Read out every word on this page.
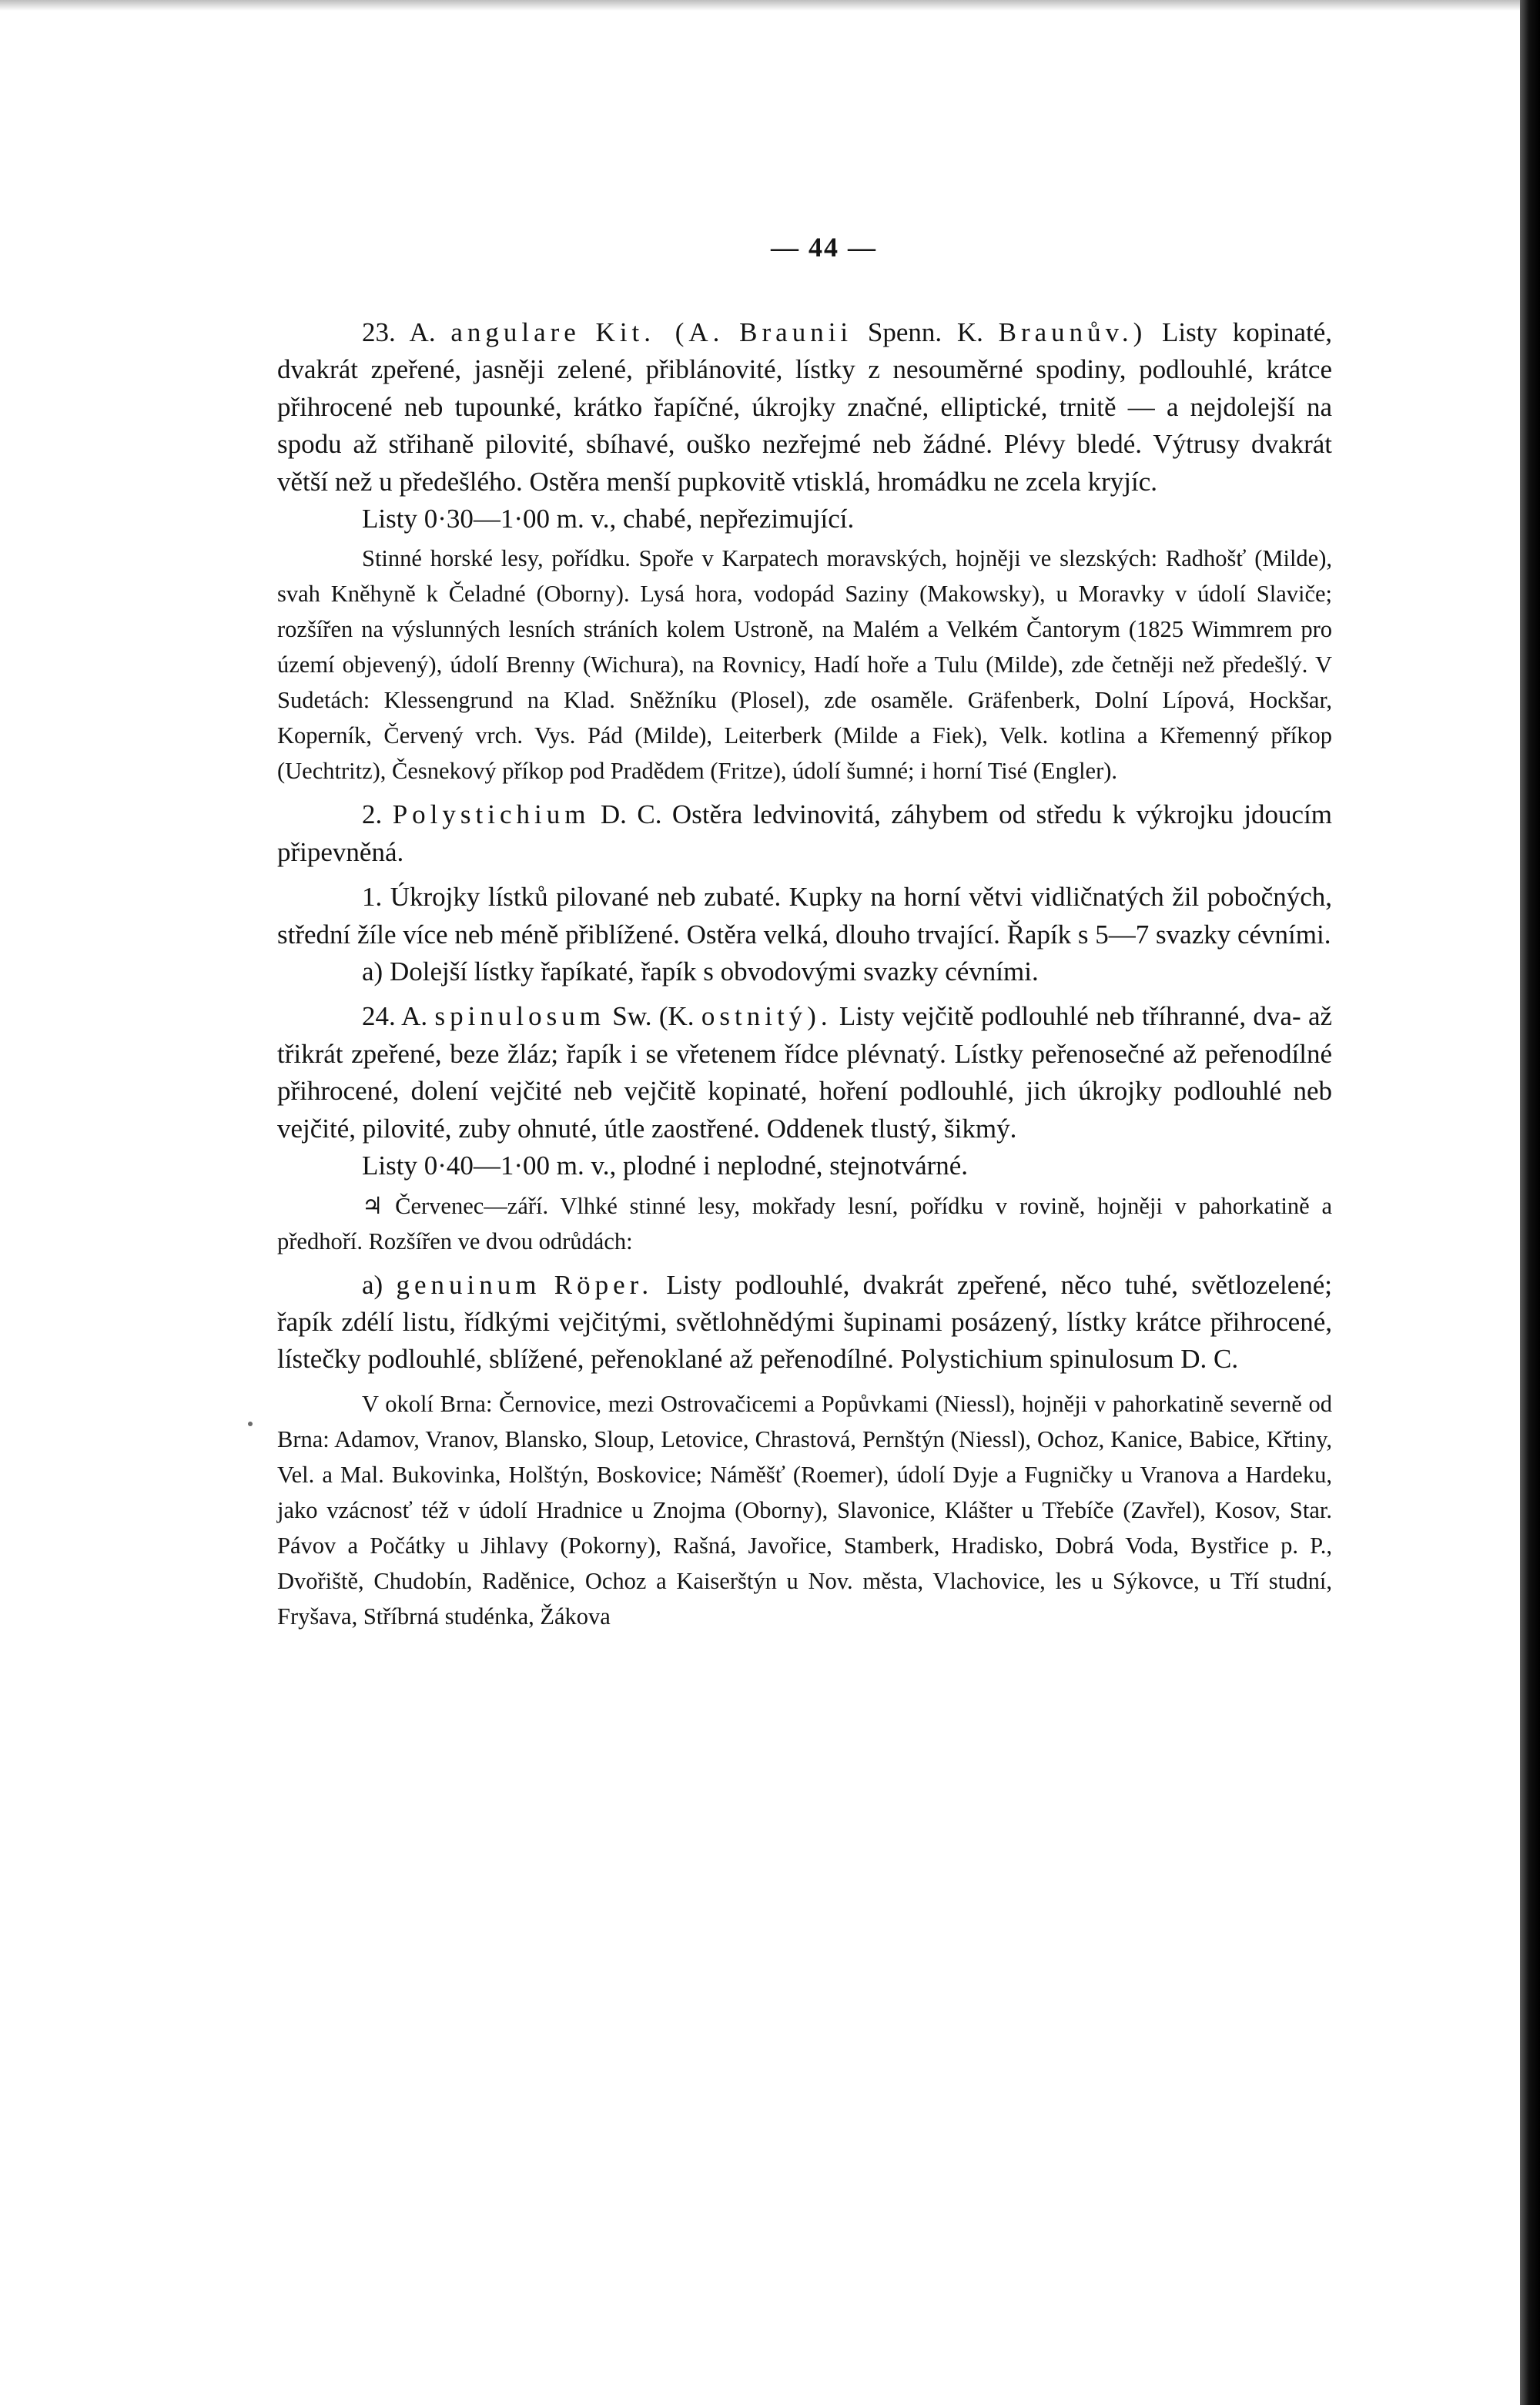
— 44 —

23. A. angulare Kit. (A. Braunii Spenn. K. Braunův.) Listy kopinaté, dvakrát zpeřené, jasněji zelené, přiblánovité, lístky z nesouměrné spodiny, podlouhlé, krátce přihrocené neb tupounké, krátko řapíčné, úkrojky značné, elliptické, trnitě — a nejdolejší na spodu až střihaně pilovité, sbíhavé, ouško nezřejmé neb žádné. Plévy bledé. Výtrusy dvakrát větší než u předešlého. Ostěra menší pupkovitě vtisklá, hromádku ne zcela kryjíc.

Listy 0·30—1·00 m. v., chabé, nepřezimující.

Stinné horské lesy, pořídku. Spoře v Karpatech moravských, hojněji ve slezských: Radhošť (Milde), svah Kněhyně k Čeladné (Oborny). Lysá hora, vodopád Saziny (Makowsky), u Moravky v údolí Slaviče; rozšířen na výslunných lesních stráních kolem Ustroně, na Malém a Velkém Čantorym (1825 Wimmrem pro území objevený), údolí Brenny (Wichura), na Rovnicy, Hadí hoře a Tulu (Milde), zde četněji než předešlý. V Sudetách: Klessengrund na Klad. Sněžníku (Plosel), zde osaměle. Gräfenberk, Dolní Lípová, Hockšar, Koperník, Červený vrch. Vys. Pád (Milde), Leiterberk (Milde a Fiek), Velk. kotlina a Křemenný příkop (Uechtritz), Česnekový příkop pod Pradědem (Fritze), údolí šumné; i horní Tisé (Engler).

2. Polystichium D. C. Ostěra ledvinovitá, záhybem od středu k výkrojku jdoucím připevněná.

1. Úkrojky lístků pilované neb zubaté. Kupky na horní větvi vidličnatých žil pobočných, střední žíle více neb méně přiblížené. Ostěra velká, dlouho trvající. Řapík s 5—7 svazky cévními.

a) Dolejší lístky řapíkaté, řapík s obvodovými svazky cévními.

24. A. spinulosum Sw. (K. ostnitý). Listy vejčitě podlouhlé neb tříhranné, dva- až třikrát zpeřené, beze žláz; řapík i se vřetenem řídce plévnatý. Lístky peřenosečné až peřenodílné přihrocené, dolení vejčité neb vejčitě kopinaté, hoření podlouhlé, jich úkrojky podlouhlé neb vejčité, pilovité, zuby ohnuté, útle zaostřené. Oddenek tlustý, šikmý.

Listy 0·40—1·00 m. v., plodné i neplodné, stejnotvárné.

♃ Červenec—září. Vlhké stinné lesy, mokřady lesní, pořídku v rovině, hojněji v pahorkatině a předhoří. Rozšířen ve dvou odrůdách:

a) genuinum Röper. Listy podlouhlé, dvakrát zpeřené, něco tuhé, světlozelené; řapík zdélí listu, řídkými vejčitými, světlohnědými šupinami posázený, lístky krátce přihrocené, lístečky podlouhlé, sblížené, peřenoklané až peřenodílné. Polystichium spinulosum D. C.

V okolí Brna: Černovice, mezi Ostrovačicemi a Popůvkami (Niessl), hojněji v pahorkatině severně od Brna: Adamov, Vranov, Blansko, Sloup, Letovice, Chrastová, Pernštýn (Niessl), Ochoz, Kanice, Babice, Křtiny, Vel. a Mal. Bukovinka, Holštýn, Boskovice; Náměšť (Roemer), údolí Dyje a Fugničky u Vranova a Hardeku, jako vzácnosť též v údolí Hradnice u Znojma (Oborny), Slavonice, Klášter u Třebíče (Zavřel), Kosov, Star. Pávov a Počátky u Jihlavy (Pokorny), Rašná, Javořice, Stamberk, Hradisko, Dobrá Voda, Bystřice p. P., Dvořiště, Chudobín, Raděnice, Ochoz a Kaiserštýn u Nov. města, Vlachovice, les u Sýkovce, u Tří studní, Fryšava, Stříbrná studénka, Žákova
